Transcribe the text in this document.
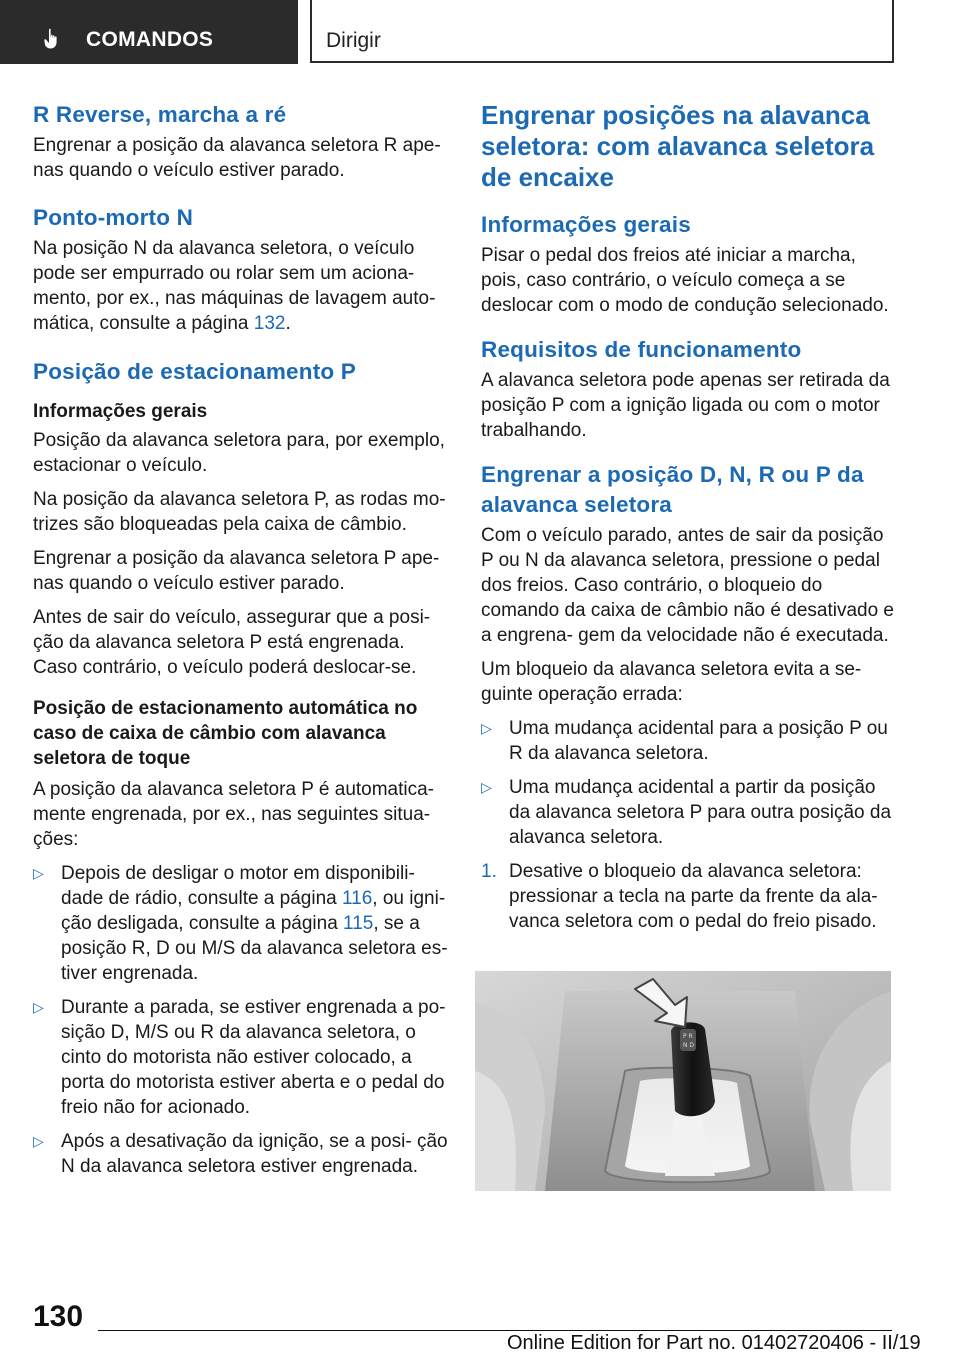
COMANDOS	Dirigir
R Reverse, marcha a ré

Engrenar a posição da alavanca seletora R ape‐ nas quando o veículo estiver parado.

Ponto-morto N

Na posição N da alavanca seletora, o veículo pode ser empurrado ou rolar sem um aciona‐ mento, por ex., nas máquinas de lavagem auto‐ mática, consulte a página 132.

Posição de estacionamento P
Informações gerais

Posição da alavanca seletora para, por exemplo, estacionar o veículo.

Na posição da alavanca seletora P, as rodas mo‐ trizes são bloqueadas pela caixa de câmbio.

Engrenar a posição da alavanca seletora P ape‐ nas quando o veículo estiver parado.

Antes de sair do veículo, assegurar que a posi‐ ção da alavanca seletora P está engrenada. Caso contrário, o veículo poderá deslocar-se.

Posição de estacionamento automática no caso de caixa de câmbio com alavanca seletora de toque

A posição da alavanca seletora P é automatica‐ mente engrenada, por ex., nas seguintes situa‐ ções:

▷ Depois de desligar o motor em disponibili‐ dade de rádio, consulte a página 116, ou igni‐ ção desligada, consulte a página 115, se a posição R, D ou M/S da alavanca seletora es‐ tiver engrenada.
▷ Durante a parada, se estiver engrenada a po‐ sição D, M/S ou R da alavanca seletora, o cinto do motorista não estiver colocado, a porta do motorista estiver aberta e o pedal do freio não for acionado.
▷ Após a desativação da ignição, se a posi‐ ção N da alavanca seletora estiver engrenada.
Engrenar posições na alavanca seletora: com alavanca seletora de encaixe
Informações gerais

Pisar o pedal dos freios até iniciar a marcha, pois, caso contrário, o veículo começa a se deslocar com o modo de condução selecionado.

Requisitos de funcionamento

A alavanca seletora pode apenas ser retirada da posição P com a ignição ligada ou com o motor trabalhando.

Engrenar a posição D, N, R ou P da alavanca seletora

Com o veículo parado, antes de sair da posição P ou N da alavanca seletora, pressione o pedal dos freios. Caso contrário, o bloqueio do comando da caixa de câmbio não é desativado e a engrena‐ gem da velocidade não é executada.

Um bloqueio da alavanca seletora evita a se‐ guinte operação errada:

▷ Uma mudança acidental para a posição P ou R da alavanca seletora.
▷ Uma mudança acidental a partir da posição da alavanca seletora P para outra posição da alavanca seletora.
1. Desative o bloqueio da alavanca seletora: pressionar a tecla na parte da frente da ala‐ vanca seletora com o pedal do freio pisado.
P R
N D
130
Online Edition for Part no. 01402720406 - II/19
